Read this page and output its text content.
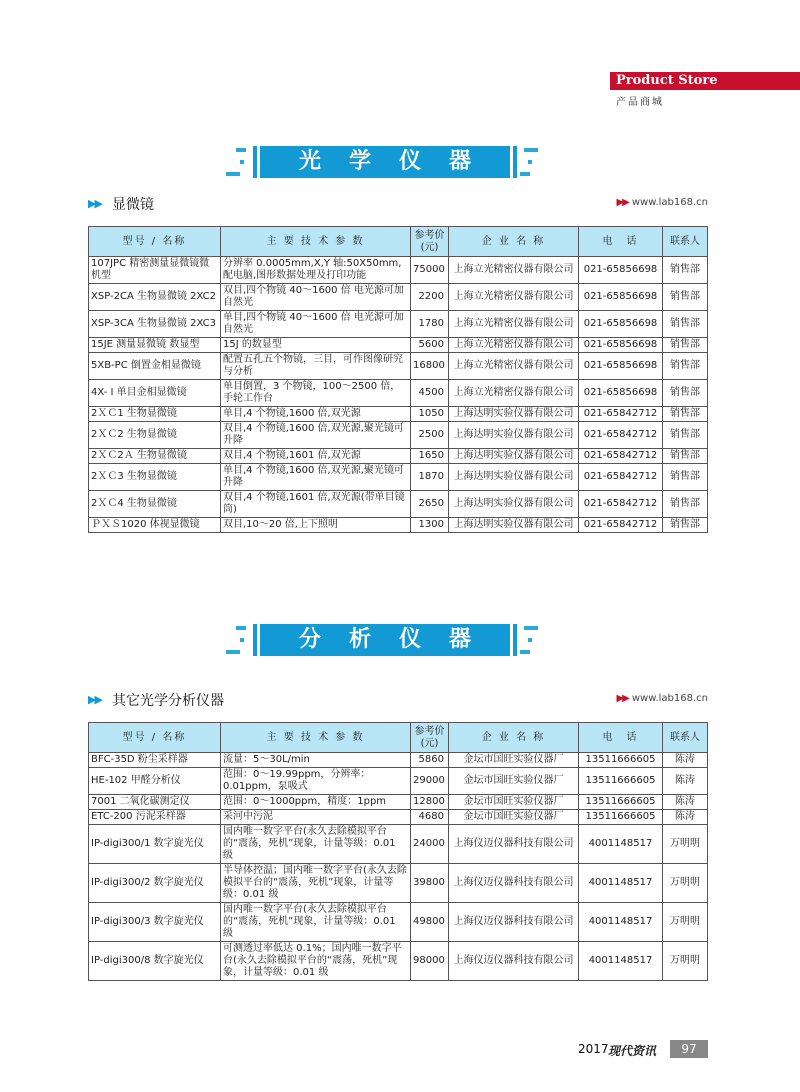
Product Store
产品商城
光学仪器
▶▶ 显微镜	▶▶ www.lab168.cn
型号 / 名称	主 要 技 术 参 数	参考价(元)	企 业 名 称	电　话	联系人
107JPC 精密测量显微镜微机型	分辨率 0.0005mm,X,Y 轴:50X50mm,配电脑,图形数据处理及打印功能	75000	上海立光精密仪器有限公司	021-65856698	销售部
XSP-2CA 生物显微镜 2XC2	双目,四个物镜 40～1600 倍 电光源可加自然光	2200	上海立光精密仪器有限公司	021-65856698	销售部
XSP-3CA 生物显微镜 2XC3	单目,四个物镜 40～1600 倍 电光源可加自然光	1780	上海立光精密仪器有限公司	021-65856698	销售部
15JE 测量显微镜 数显型	15J 的数显型	5600	上海立光精密仪器有限公司	021-65856698	销售部
5XB-PC 倒置金相显微镜	配置五孔五个物镜，三目，可作图像研究与分析	16800	上海立光精密仪器有限公司	021-65856698	销售部
4X- Ⅰ 单目金相显微镜	单目倒置，3 个物镜，100～2500 倍，手轮工作台	4500	上海立光精密仪器有限公司	021-65856698	销售部
2ＸＣ1 生物显微镜	单目,4 个物镜,1600 倍,双光源	1050	上海达明实验仪器有限公司	021-65842712	销售部
2ＸＣ2 生物显微镜	双目,4 个物镜,1600 倍,双光源,聚光镜可升降	2500	上海达明实验仪器有限公司	021-65842712	销售部
2ＸＣ2Ａ 生物显微镜	双目,4 个物镜,1601 倍,双光源	1650	上海达明实验仪器有限公司	021-65842712	销售部
2ＸＣ3 生物显微镜	单目,4 个物镜,1600 倍,双光源,聚光镜可升降	1870	上海达明实验仪器有限公司	021-65842712	销售部
2ＸＣ4 生物显微镜	双目,4 个物镜,1601 倍,双光源(带单目镜筒)	2650	上海达明实验仪器有限公司	021-65842712	销售部
ＰＸＳ1020 体视显微镜	双目,10～20 倍,上下照明	1300	上海达明实验仪器有限公司	021-65842712	销售部
分析仪器
▶▶ 其它光学分析仪器	▶▶ www.lab168.cn
型号 / 名称	主 要 技 术 参 数	参考价(元)	企 业 名 称	电　话	联系人
BFC-35D 粉尘采样器	流量：5～30L/min	5860	金坛市国旺实验仪器厂	13511666605	陈涛
HE-102 甲醛分析仪	范围：0～19.99ppm，分辨率：0.01ppm，泵吸式	29000	金坛市国旺实验仪器厂	13511666605	陈涛
7001 二氧化碳测定仪	范围：0～1000ppm，精度：1ppm	12800	金坛市国旺实验仪器厂	13511666605	陈涛
ETC-200 污泥采样器	采河中污泥	4680	金坛市国旺实验仪器厂	13511666605	陈涛
IP-digi300/1 数字旋光仪	国内唯一数字平台(永久去除模拟平台的“震荡，死机”现象，计量等级：0.01 级	24000	上海仪迈仪器科技有限公司	4001148517	万明明
IP-digi300/2 数字旋光仪	半导体控温；国内唯一数字平台(永久去除模拟平台的“震荡，死机”现象，计量等级：0.01 级	39800	上海仪迈仪器科技有限公司	4001148517	万明明
IP-digi300/3 数字旋光仪	国内唯一数字平台(永久去除模拟平台的“震荡，死机”现象，计量等级：0.01 级	49800	上海仪迈仪器科技有限公司	4001148517	万明明
IP-digi300/8 数字旋光仪	可测透过率低达 0.1%；国内唯一数字平台(永久去除模拟平台的“震荡，死机”现象，计量等级：0.01 级	98000	上海仪迈仪器科技有限公司	4001148517	万明明
2017 现代资讯	97
